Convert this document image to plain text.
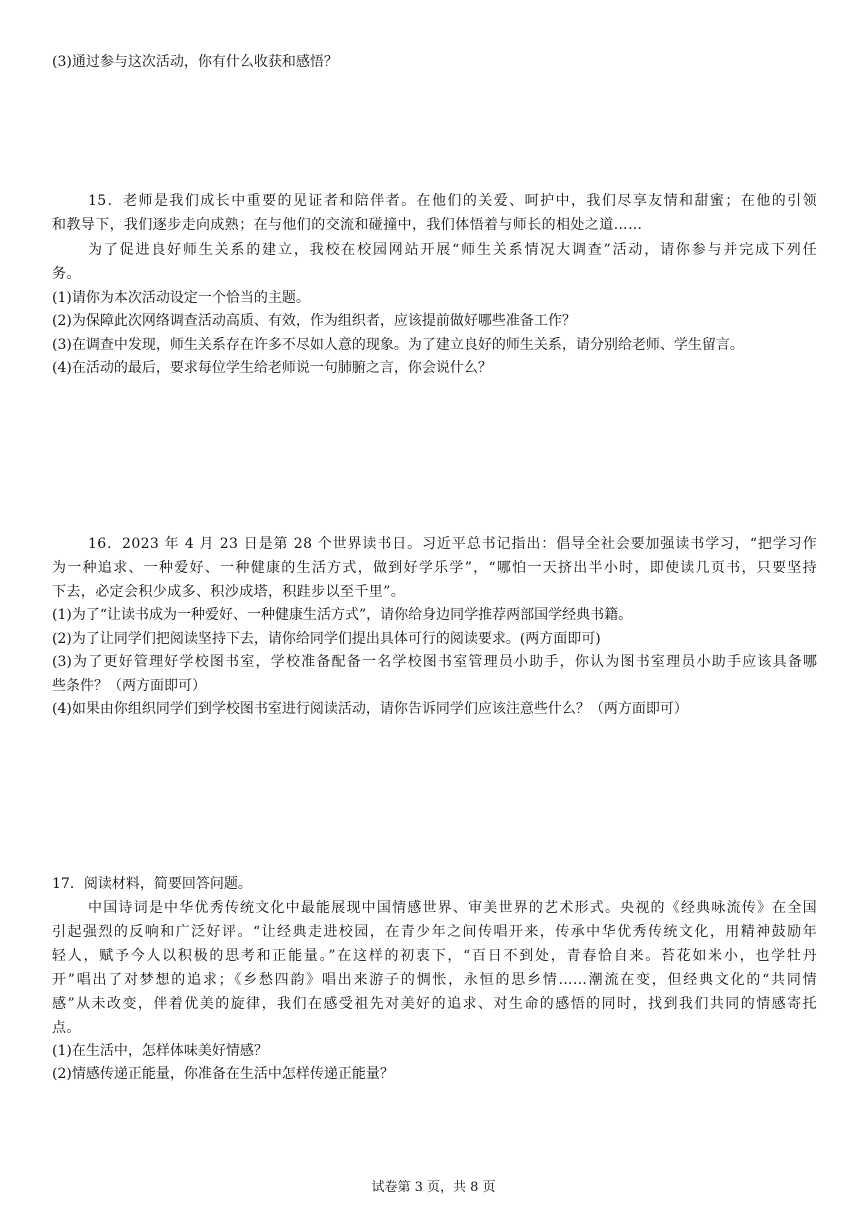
(3)通过参与这次活动，你有什么收获和感悟？
15．老师是我们成长中重要的见证者和陪伴者。在他们的关爱、呵护中，我们尽享友情和甜蜜；在他的引领
和教导下，我们逐步走向成熟；在与他们的交流和碰撞中，我们体悟着与师长的相处之道……
为了促进良好师生关系的建立，我校在校园网站开展“师生关系情况大调查”活动，请你参与并完成下列任
务。
(1)请你为本次活动设定一个恰当的主题。
(2)为保障此次网络调查活动高质、有效，作为组织者，应该提前做好哪些准备工作？
(3)在调查中发现，师生关系存在许多不尽如人意的现象。为了建立良好的师生关系，请分别给老师、学生留言。
(4)在活动的最后，要求每位学生给老师说一句肺腑之言，你会说什么？
16．2023 年 4 月 23 日是第 28 个世界读书日。习近平总书记指出：倡导全社会要加强读书学习，“把学习作
为一种追求、一种爱好、一种健康的生活方式，做到好学乐学”，“哪怕一天挤出半小时，即使读几页书，只要坚持
下去，必定会积少成多、积沙成塔，积跬步以至千里”。
(1)为了“让读书成为一种爱好、一种健康生活方式”，请你给身边同学推荐两部国学经典书籍。
(2)为了让同学们把阅读坚持下去，请你给同学们提出具体可行的阅读要求。(两方面即可)
(3)为了更好管理好学校图书室，学校准备配备一名学校图书室管理员小助手，你认为图书室理员小助手应该具备哪
些条件？（两方面即可）
(4)如果由你组织同学们到学校图书室进行阅读活动，请你告诉同学们应该注意些什么？（两方面即可）
17．阅读材料，简要回答问题。
中国诗词是中华优秀传统文化中最能展现中国情感世界、审美世界的艺术形式。央视的《经典咏流传》在全国
引起强烈的反响和广泛好评。“让经典走进校园，在青少年之间传唱开来，传承中华优秀传统文化，用精神鼓励年
轻人，赋予今人以积极的思考和正能量。”在这样的初衷下，“百日不到处，青春恰自来。苔花如米小，也学牡丹
开”唱出了对梦想的追求；《乡愁四韵》唱出来游子的惆怅，永恒的思乡情……潮流在变，但经典文化的“共同情
感”从未改变，伴着优美的旋律，我们在感受祖先对美好的追求、对生命的感悟的同时，找到我们共同的情感寄托
点。
(1)在生活中，怎样体味美好情感？
(2)情感传递正能量，你准备在生活中怎样传递正能量？
试卷第 3 页，共 8 页
